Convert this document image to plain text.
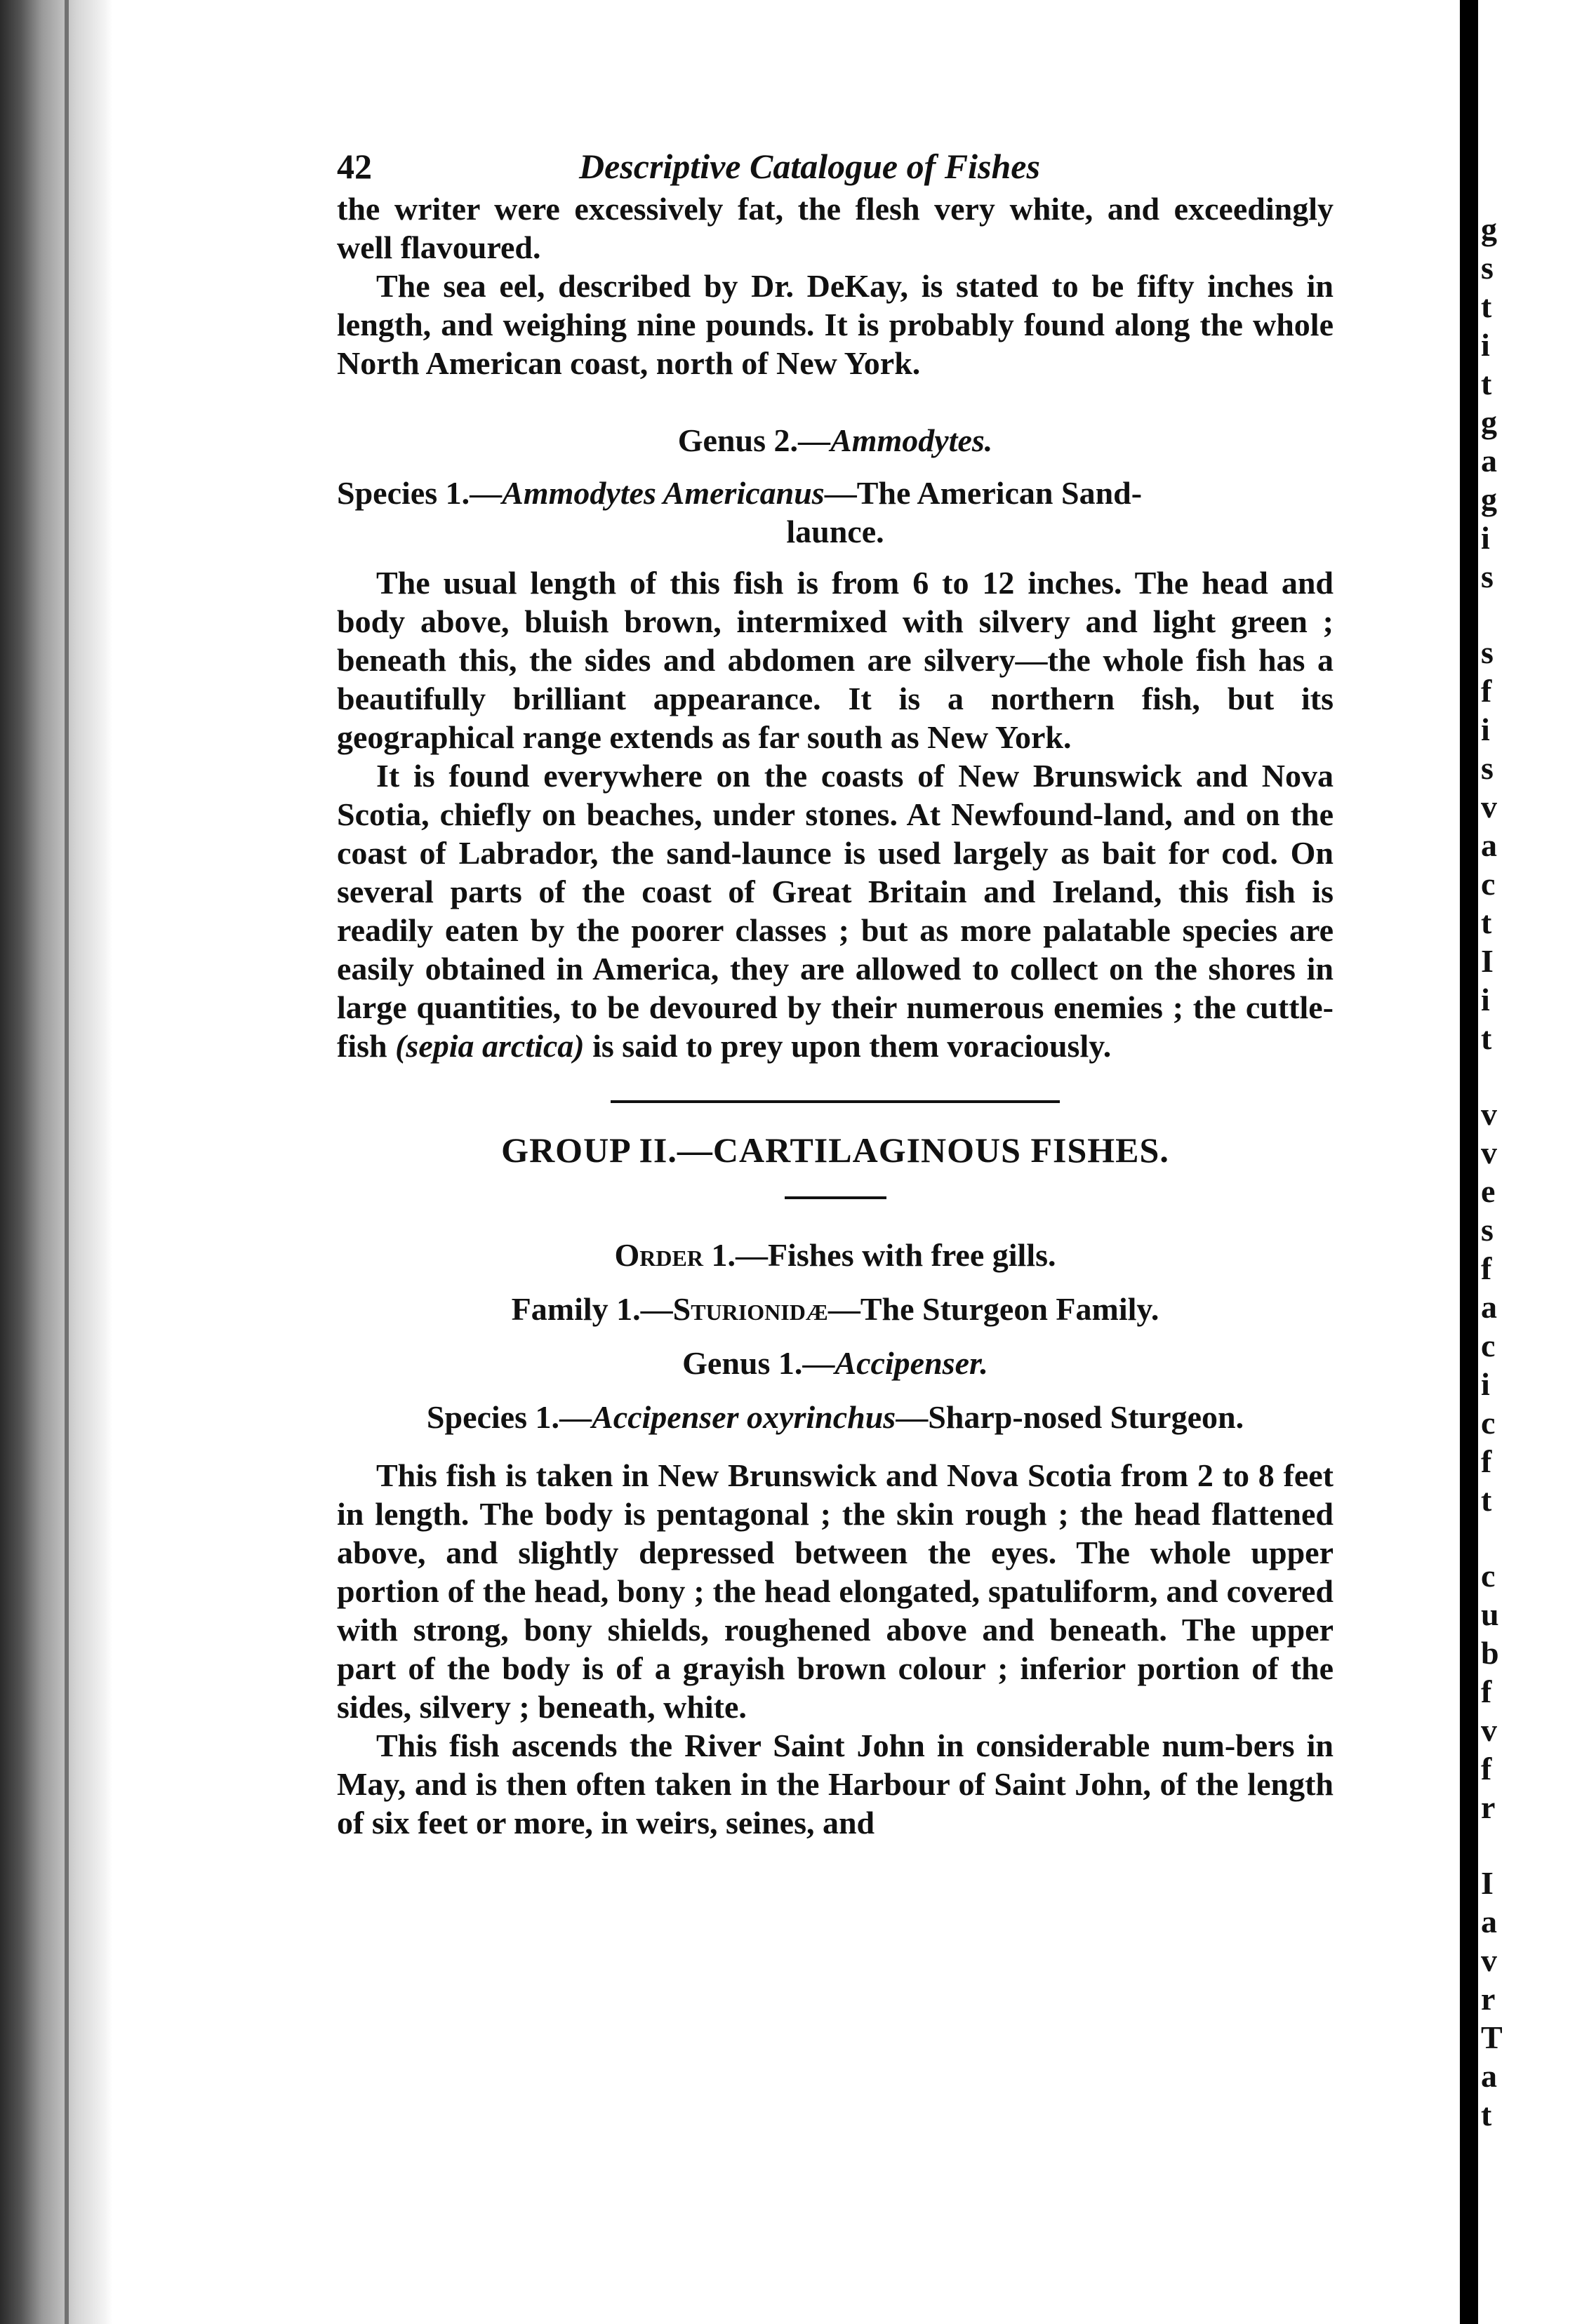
42	Descriptive Catalogue of Fishes

the writer were excessively fat, the flesh very white, and exceedingly well flavoured.

The sea eel, described by Dr. DeKay, is stated to be fifty inches in length, and weighing nine pounds. It is probably found along the whole North American coast, north of New York.

Genus 2.—Ammodytes.
Species 1.—Ammodytes Americanus—The American Sand-
launce.

The usual length of this fish is from 6 to 12 inches. The head and body above, bluish brown, intermixed with silvery and light green ; beneath this, the sides and abdomen are silvery—the whole fish has a beautifully brilliant appearance. It is a northern fish, but its geographical range extends as far south as New York.

It is found everywhere on the coasts of New Brunswick and Nova Scotia, chiefly on beaches, under stones. At Newfound-land, and on the coast of Labrador, the sand-launce is used largely as bait for cod. On several parts of the coast of Great Britain and Ireland, this fish is readily eaten by the poorer classes ; but as more palatable species are easily obtained in America, they are allowed to collect on the shores in large quantities, to be devoured by their numerous enemies ; the cuttle-fish (sepia arctica) is said to prey upon them voraciously.

GROUP II.—CARTILAGINOUS FISHES.
Order 1.—Fishes with free gills.
Family 1.—Sturionidæ—The Sturgeon Family.
Genus 1.—Accipenser.
Species 1.—Accipenser oxyrinchus—Sharp-nosed Sturgeon.

This fish is taken in New Brunswick and Nova Scotia from 2 to 8 feet in length. The body is pentagonal ; the skin rough ; the head flattened above, and slightly depressed between the eyes. The whole upper portion of the head, bony ; the head elongated, spatuliform, and covered with strong, bony shields, roughened above and beneath. The upper part of the body is of a grayish brown colour ; inferior portion of the sides, silvery ; beneath, white.

This fish ascends the River Saint John in considerable num-bers in May, and is then often taken in the Harbour of Saint John, of the length of six feet or more, in weirs, seines, and

g
s
t
i
t
g
a
g
i
s
s
f
i
s
v
a
c
t
I
i
t
v
v
e
s
f
a
c
i
c
f
t
c
u
b
f
v
f
r
I
a
v
r
T
a
t
